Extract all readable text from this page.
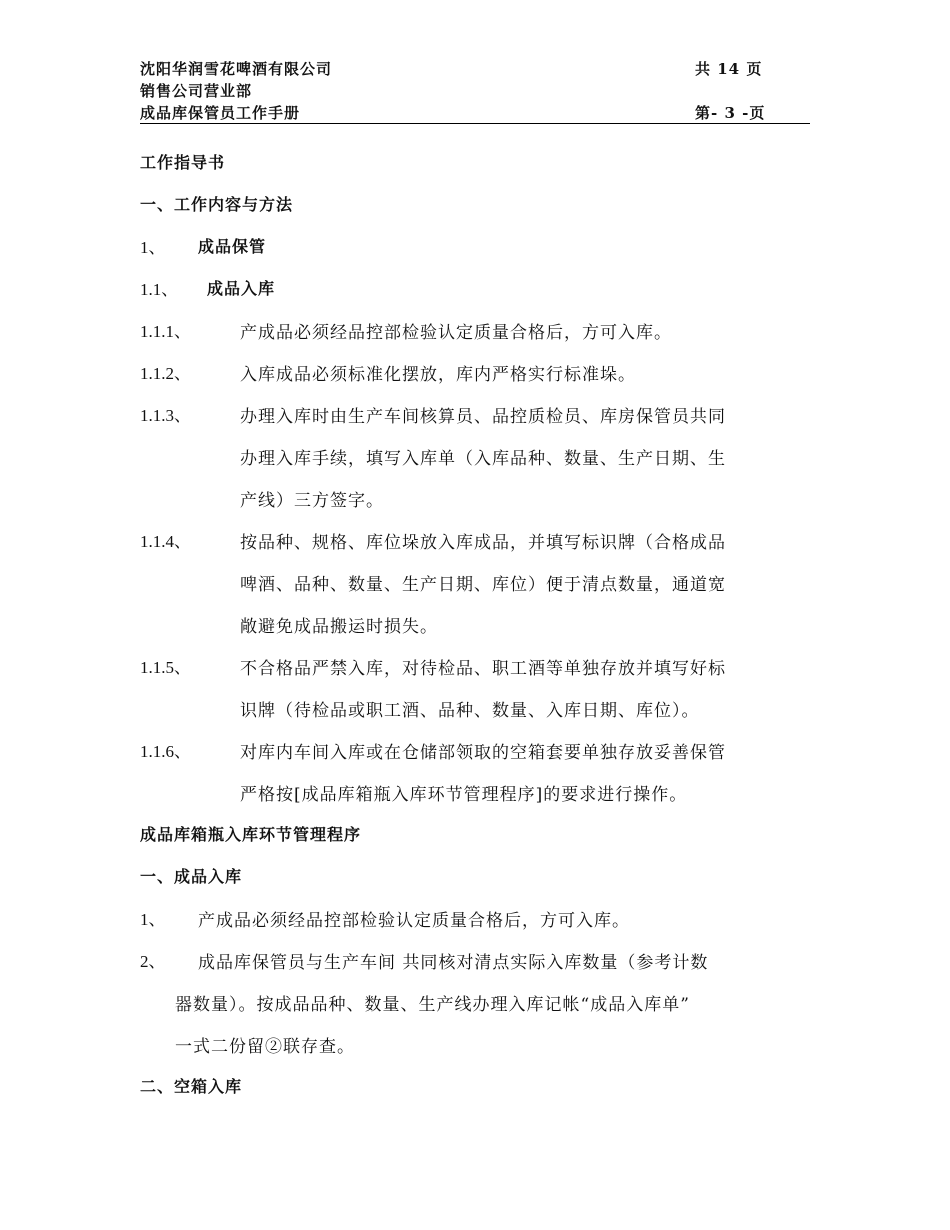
沈阳华润雪花啤酒有限公司
销售公司营业部
成品库保管员工作手册
共 14 页
第- 3 -页
工作指导书
一、工作内容与方法
1、 成品保管
1.1、 成品入库
1.1.1、	产成品必须经品控部检验认定质量合格后，方可入库。
1.1.2、	入库成品必须标准化摆放，库内严格实行标准垛。
1.1.3、	办理入库时由生产车间核算员、品控质检员、库房保管员共同
办理入库手续，填写入库单（入库品种、数量、生产日期、生
产线）三方签字。
1.1.4、	按品种、规格、库位垛放入库成品，并填写标识牌（合格成品
啤酒、品种、数量、生产日期、库位）便于清点数量，通道宽
敞避免成品搬运时损失。
1.1.5、	不合格品严禁入库，对待检品、职工酒等单独存放并填写好标
识牌（待检品或职工酒、品种、数量、入库日期、库位）。
1.1.6、	对库内车间入库或在仓储部领取的空箱套要单独存放妥善保管
严格按[成品库箱瓶入库环节管理程序]的要求进行操作。
成品库箱瓶入库环节管理程序
一、成品入库
1、 产成品必须经品控部检验认定质量合格后，方可入库。
2、 成品库保管员与生产车间 共同核对清点实际入库数量（参考计数
器数量）。按成品品种、数量、生产线办理入库记帐“成品入库单”
一式二份留②联存查。
二、空箱入库
